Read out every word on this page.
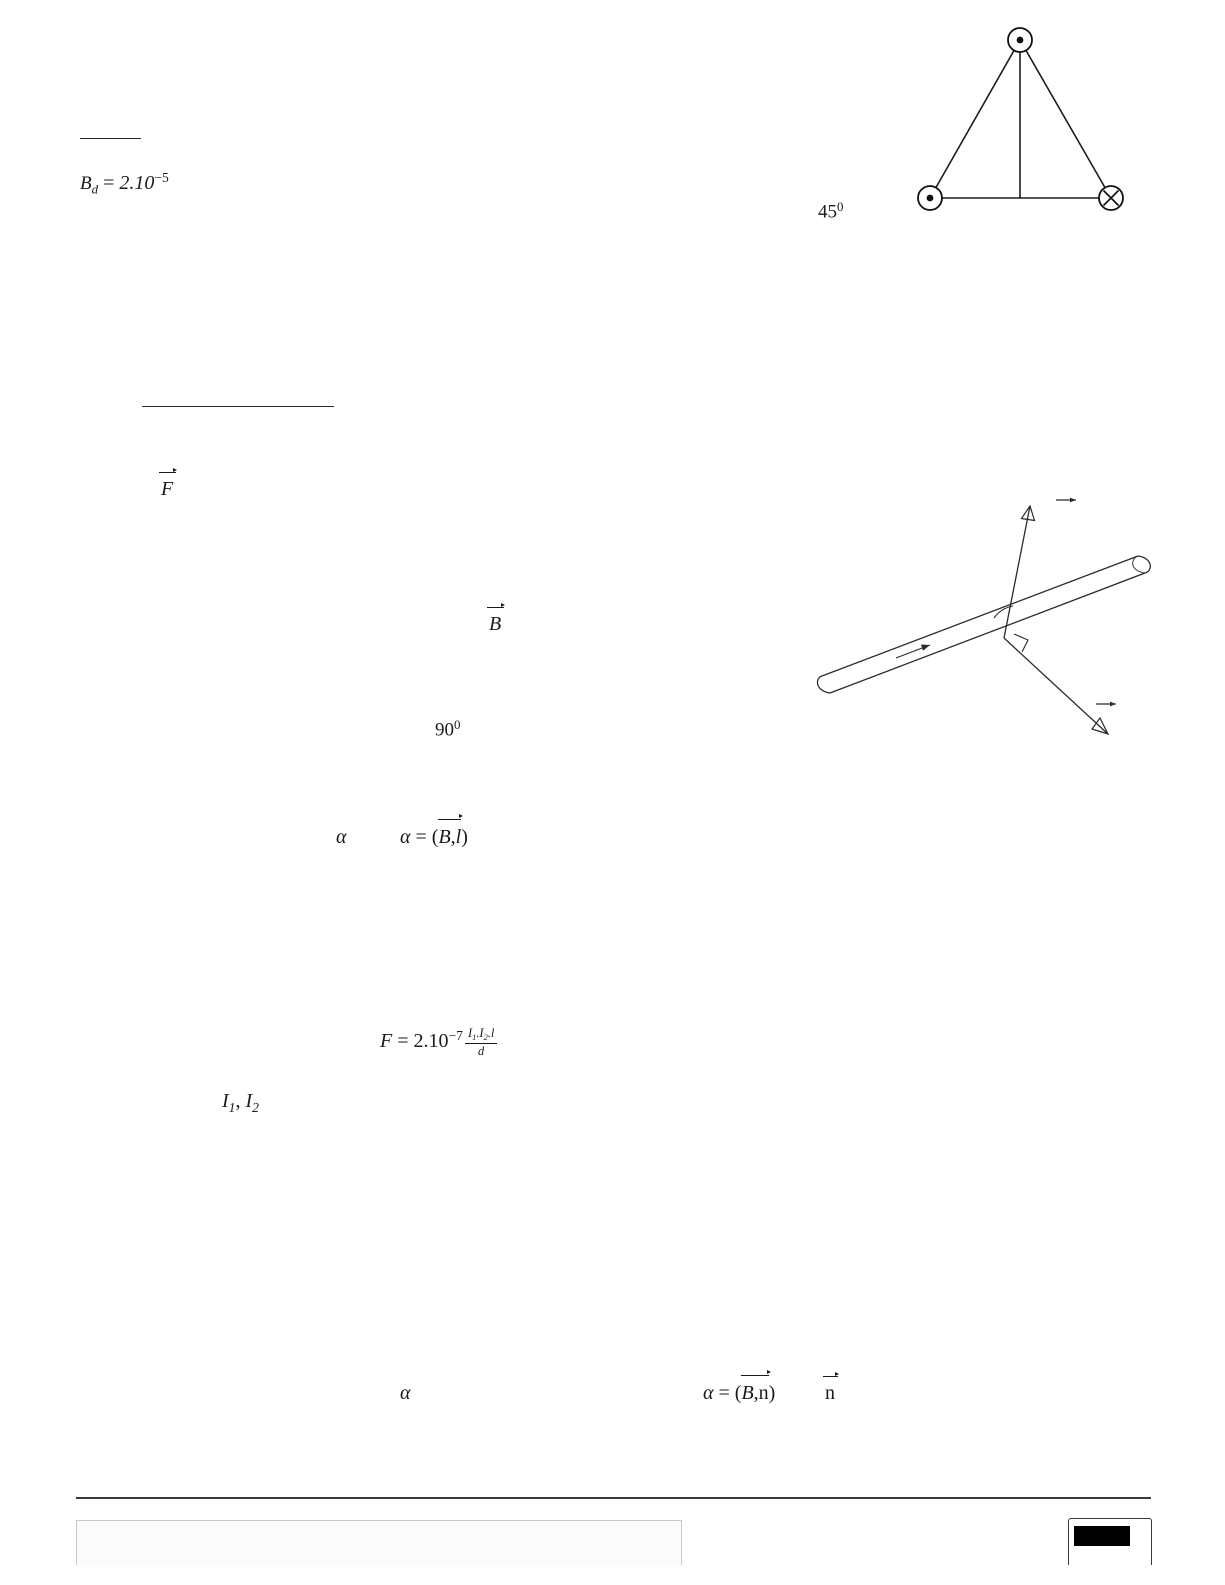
$B_d = 2.10^{-5}$
$45^0$
F
B
$90^0$
α	α = (B,l)
$F = 2.10^{-7} \frac{I_1.I_2.l}{d}$
$I_1$, $I_2$
α	α = (B,n) n
